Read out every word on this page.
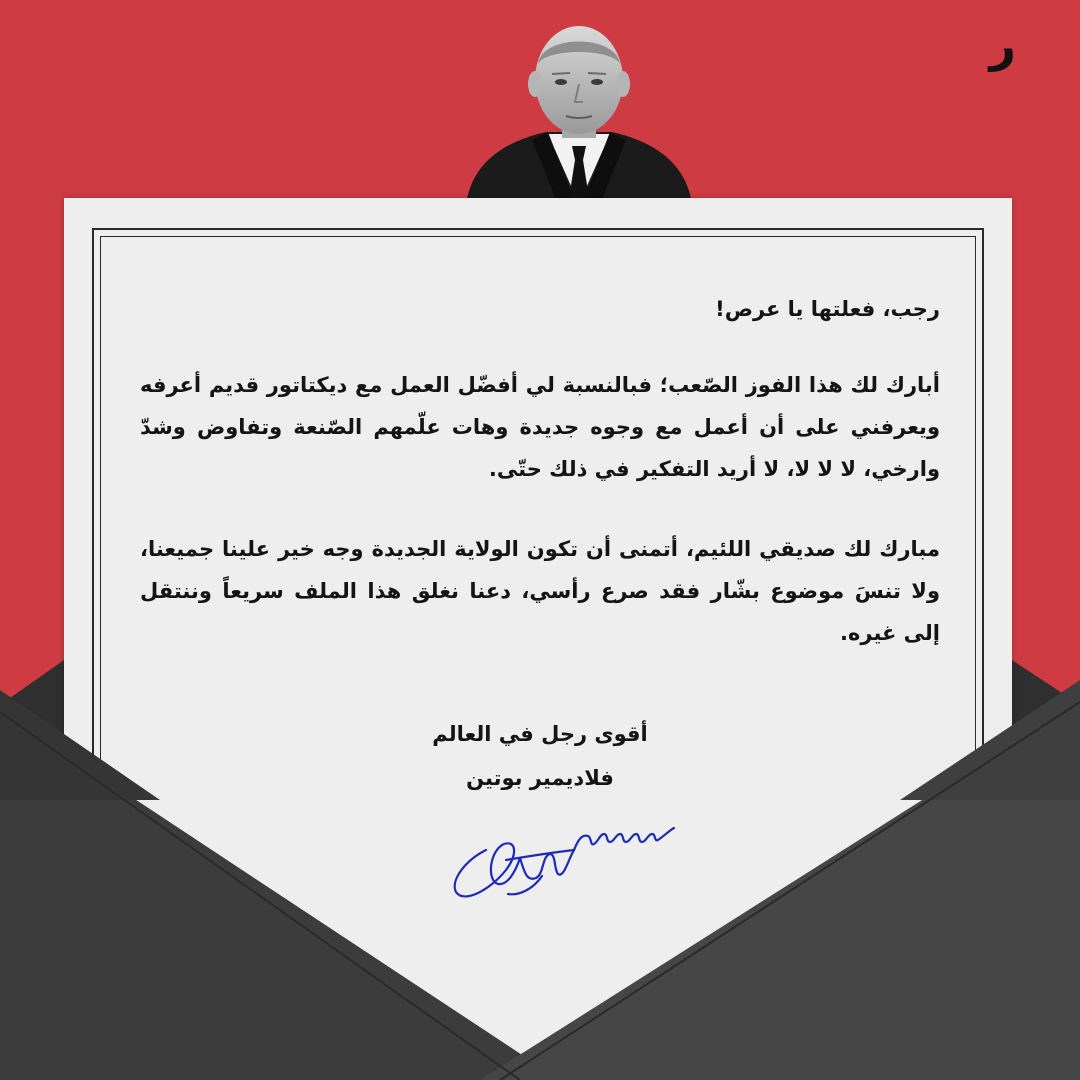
ر

رجب، فعلتها يا عرص!

أبارك لك هذا الفوز الصّعب؛ فبالنسبة لي أفضّل العمل مع ديكتاتور قديم أعرفه ويعرفني على أن أعمل مع وجوه جديدة وهات علّمهم الصّنعة وتفاوض وشدّ وارخي، لا لا لا، لا أريد التفكير في ذلك حتّى.

مبارك لك صديقي اللئيم، أتمنى أن تكون الولاية الجديدة وجه خير علينا جميعنا، ولا تنسَ موضوع بشّار فقد صرع رأسي، دعنا نغلق هذا الملف سريعاً وننتقل إلى غيره.

أقوى رجل في العالم
فلاديمير بوتين
